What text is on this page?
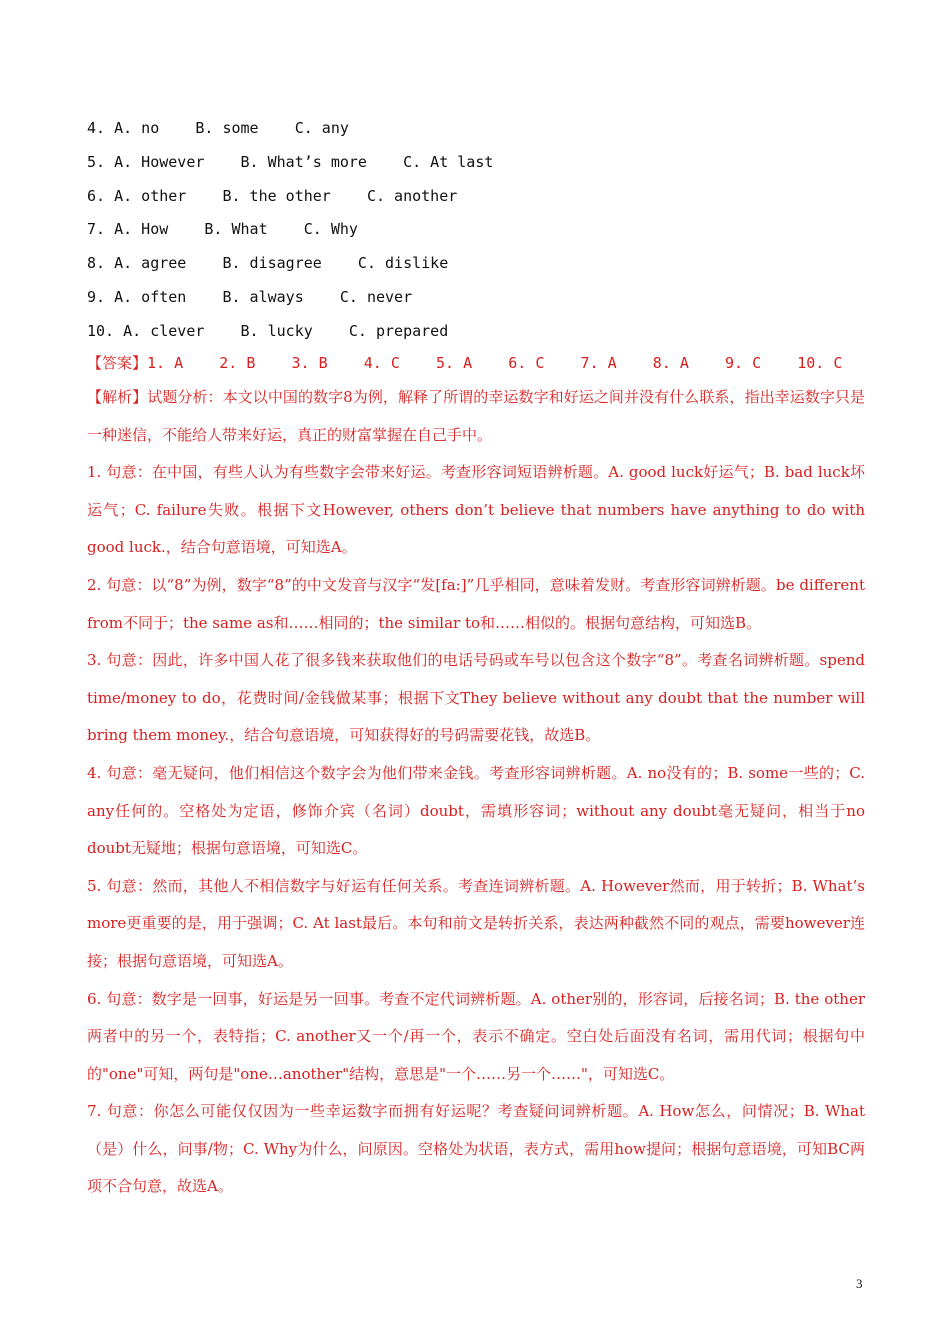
4. A. no    B. some    C. any
5. A. However    B. What’s more    C. At last
6. A. other    B. the other    C. another
7. A. How    B. What    C. Why
8. A. agree    B. disagree    C. dislike
9. A. often    B. always    C. never
10. A. clever    B. lucky    C. prepared
【答案】1. A    2. B    3. B    4. C    5. A    6. C    7. A    8. A    9. C    10. C

【解析】试题分析：本文以中国的数字8为例，解释了所谓的幸运数字和好运之间并没有什么联系，指出幸运数字只是一种迷信，不能给人带来好运，真正的财富掌握在自己手中。

1. 句意：在中国，有些人认为有些数字会带来好运。考查形容词短语辨析题。A. good luck好运气；B. bad luck坏运气；C. failure失败。根据下文However, others don’t believe that numbers have anything to do with good luck.，结合句意语境，可知选A。

2. 句意：以“8”为例，数字“8”的中文发音与汉字“发[fa:]”几乎相同，意味着发财。考查形容词辨析题。be different from不同于；the same as和……相同的；the similar to和……相似的。根据句意结构，可知选B。

3. 句意：因此，许多中国人花了很多钱来获取他们的电话号码或车号以包含这个数字“8”。考查名词辨析题。spend time/money to do，花费时间/金钱做某事；根据下文They believe without any doubt that the number will bring them money.，结合句意语境，可知获得好的号码需要花钱，故选B。

4. 句意：毫无疑问，他们相信这个数字会为他们带来金钱。考查形容词辨析题。A. no没有的；B. some一些的；C. any任何的。空格处为定语，修饰介宾（名词）doubt，需填形容词；without any doubt毫无疑问，相当于no doubt无疑地；根据句意语境，可知选C。

5. 句意：然而，其他人不相信数字与好运有任何关系。考查连词辨析题。A. However然而，用于转折；B. What’s more更重要的是，用于强调；C. At last最后。本句和前文是转折关系，表达两种截然不同的观点，需要however连接；根据句意语境，可知选A。

6. 句意：数字是一回事，好运是另一回事。考查不定代词辨析题。A. other别的，形容词，后接名词；B. the other两者中的另一个，表特指；C. another又一个/再一个，表示不确定。空白处后面没有名词，需用代词；根据句中的"one"可知，两句是"one…another"结构，意思是"一个……另一个……"，可知选C。

7. 句意：你怎么可能仅仅因为一些幸运数字而拥有好运呢？考查疑问词辨析题。A. How怎么，问情况；B. What（是）什么，问事/物；C. Why为什么，问原因。空格处为状语，表方式，需用how提问；根据句意语境，可知BC两项不合句意，故选A。

3
